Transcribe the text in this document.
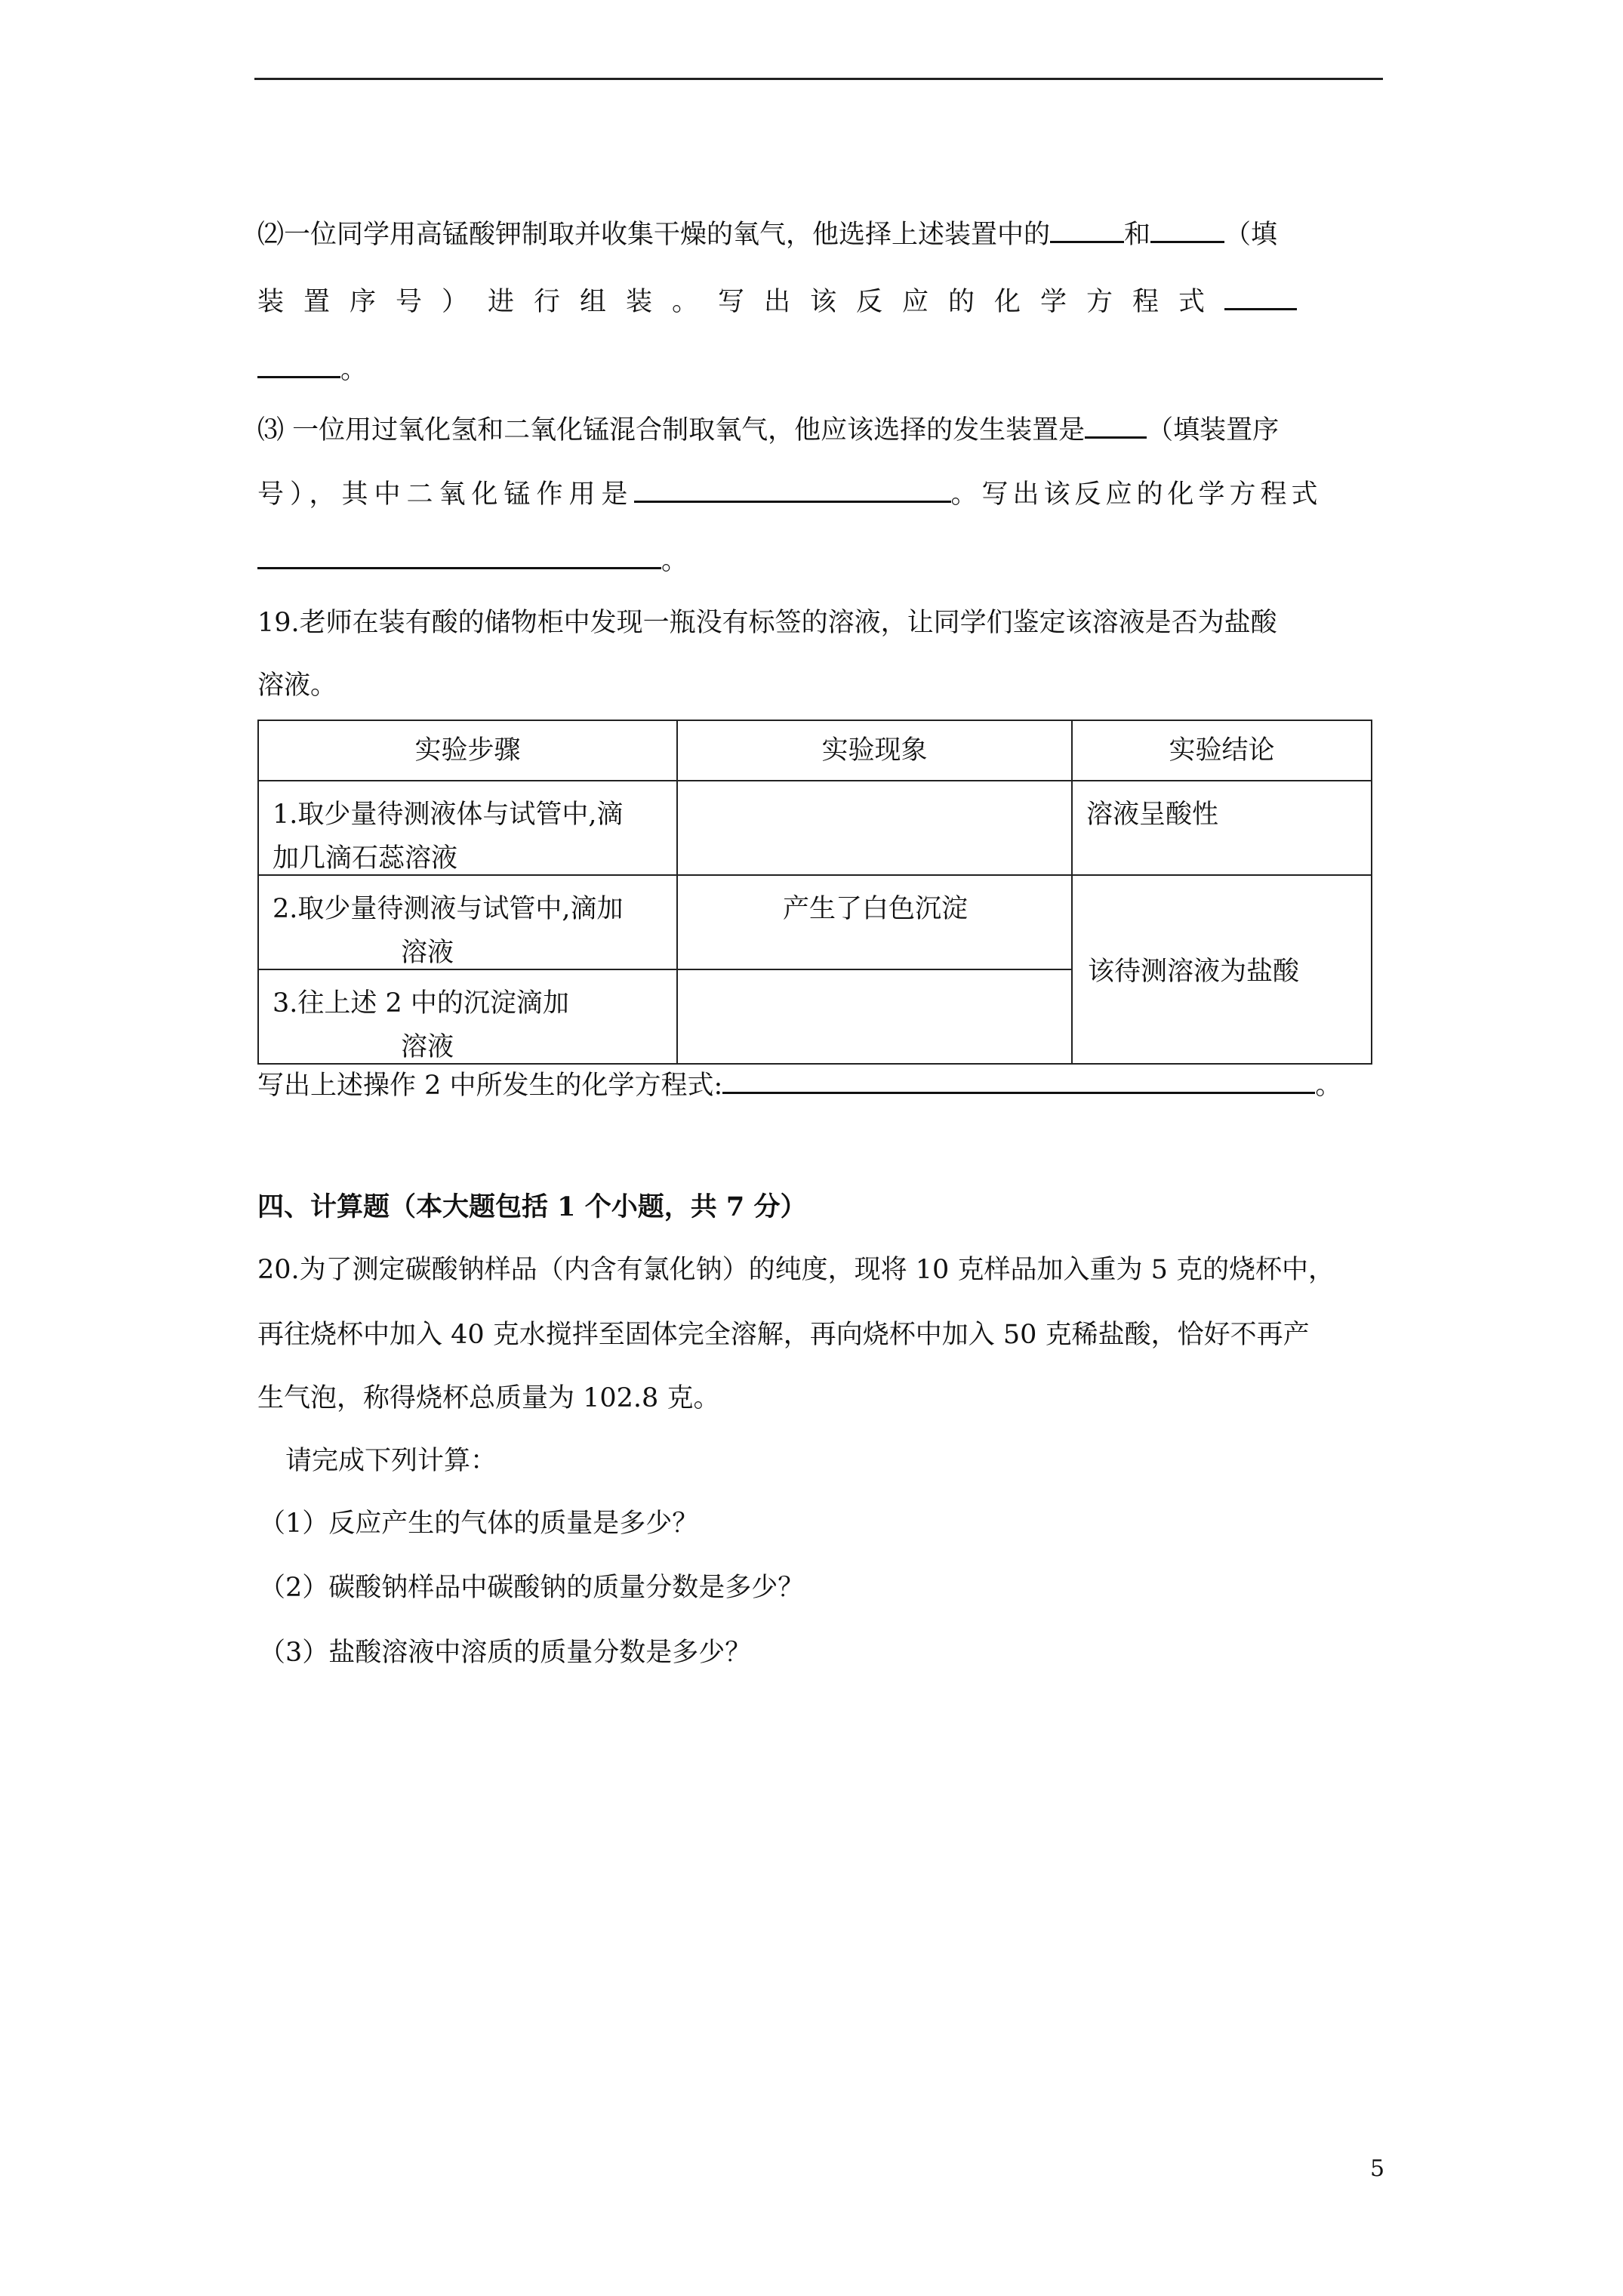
⑵一位同学用高锰酸钾制取并收集干燥的氧气，他选择上述装置中的	和	（填
装置序号）进行组装。写出该反应的化学方程式
。
⑶ 一位用过氧化氢和二氧化锰混合制取氧气，他应该选择的发生装置是 （填装置序
号），其中二氧化锰作用是	。写出该反应的化学方程式
。
19.老师在装有酸的储物柜中发现一瓶没有标签的溶液，让同学们鉴定该溶液是否为盐酸
溶液。
实验步骤	实验现象	实验结论

1.取少量待测液体与试管中,滴
加几滴石蕊溶液		溶液呈酸性

2.取少量待测液与试管中,滴加
溶液	产生了白色沉淀	该待测溶液为盐酸

3.往上述 2 中的沉淀滴加
溶液		

写出上述操作 2 中所发生的化学方程式:	。
四、计算题（本大题包括 1 个小题，共 7 分）
20.为了测定碳酸钠样品（内含有氯化钠）的纯度，现将 10 克样品加入重为 5 克的烧杯中，
再往烧杯中加入 40 克水搅拌至固体完全溶解，再向烧杯中加入 50 克稀盐酸，恰好不再产
生气泡，称得烧杯总质量为 102.8 克。
请完成下列计算：
（1）反应产生的气体的质量是多少？
（2）碳酸钠样品中碳酸钠的质量分数是多少？
（3）盐酸溶液中溶质的质量分数是多少？
5
